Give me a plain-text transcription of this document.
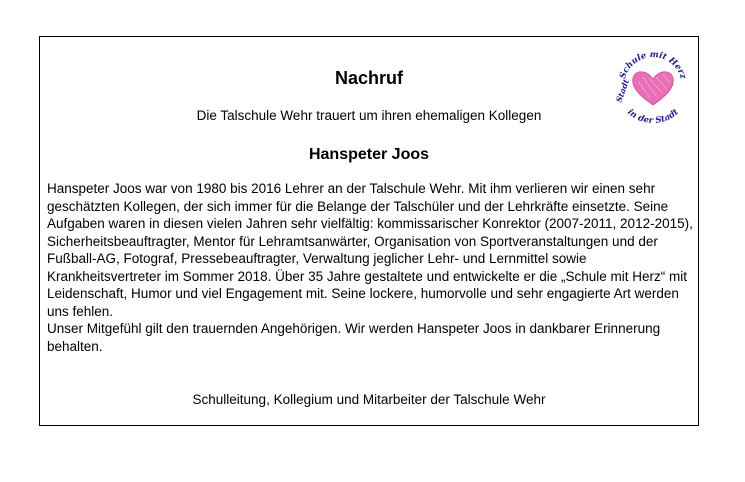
Nachruf
Die Talschule Wehr trauert um ihren ehemaligen Kollegen
Hanspeter Joos

Hanspeter Joos war von 1980 bis 2016 Lehrer an der Talschule Wehr. Mit ihm verlieren wir einen sehr geschätzten Kollegen, der sich immer für die Belange der Talschüler und der Lehrkräfte einsetzte. Seine Aufgaben waren in diesen vielen Jahren sehr vielfältig: kommissarischer Konrektor (2007-2011, 2012-2015), Sicherheitsbeauftragter, Mentor für Lehramtsanwärter, Organisation von Sportveranstaltungen und der Fußball-AG, Fotograf, Pressebeauftragter, Verwaltung jeglicher Lehr- und Lernmittel sowie Krankheitsvertreter im Sommer 2018. Über 35 Jahre gestaltete und entwickelte er die „Schule mit Herz“ mit Leidenschaft, Humor und viel Engagement mit. Seine lockere, humorvolle und sehr engagierte Art werden uns fehlen.

Unser Mitgefühl gilt den trauernden Angehörigen. Wir werden Hanspeter Joos in dankbarer Erinnerung behalten.

Schulleitung, Kollegium und Mitarbeiter der Talschule Wehr
Schule mit Herz
in der Stadt
Stadt
